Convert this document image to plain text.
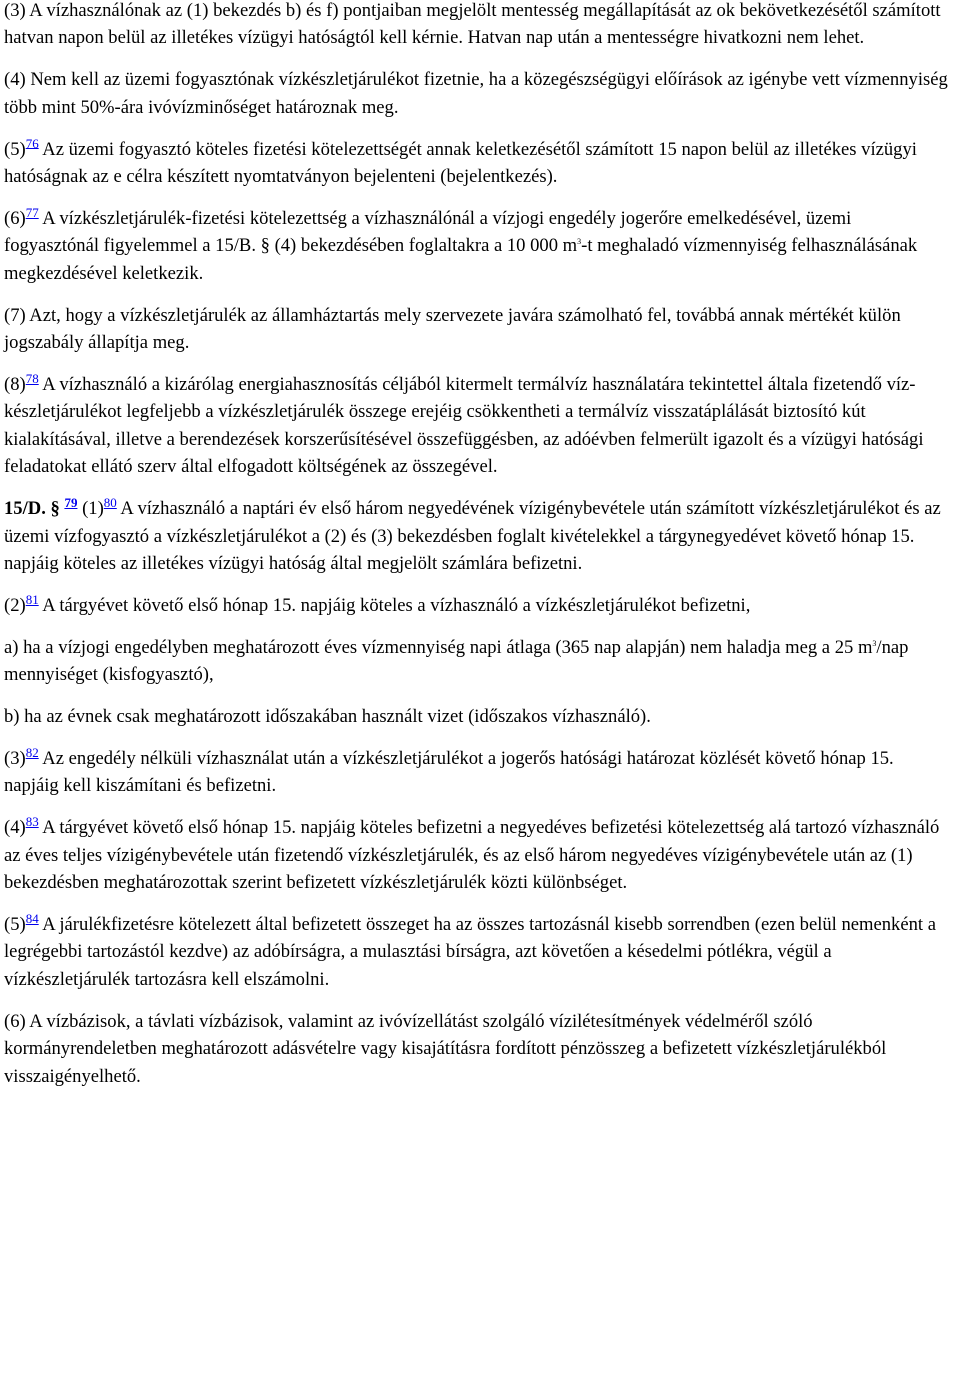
(3) A vízhasználónak az (1) bekezdés b) és f) pontjaiban megjelölt mentesség megállapítását az ok bekövetkezésétől számított hatvan napon belül az illetékes vízügyi hatóságtól kell kérnie. Hatvan nap után a mentességre hivatkozni nem lehet.

(4) Nem kell az üzemi fogyasztónak vízkészletjárulékot fizetnie, ha a közegészségügyi előírások az igénybe vett vízmennyiség több mint 50%-ára ivóvízminőséget határoznak meg.

(5)$^{76}$ Az üzemi fogyasztó köteles fizetési kötelezettségét annak keletkezésétől számított 15 napon belül az illetékes vízügyi hatóságnak az e célra készített nyomtatványon bejelenteni (bejelentkezés).

(6)$^{77}$ A vízkészletjárulék-fizetési kötelezettség a vízhasználónál a vízjogi engedély jogerőre emelkedésével, üzemi fogyasztónál figyelemmel a 15/B. § (4) bekezdésében foglaltakra a 10 000 $m^3-t$ meghaladó vízmennyiség felhasználásának megkezdésével keletkezik.

(7) Azt, hogy a vízkészletjárulék az államháztartás mely szervezete javára számolható fel, továbbá annak mértékét külön jogszabály állapítja meg.

(8)$^{78}$ A vízhasználó a kizárólag energiahasznosítás céljából kitermelt termálvíz használatára tekintettel általa fizetendő víz-készletjárulékot legfeljebb a vízkészletjárulék összege erejéig csökkentheti a termálvíz visszatáplálását biztosító kút kialakításával, illetve a berendezések korszerűsítésével összefüggésben, az adóévben felmerült igazolt és a vízügyi hatósági feladatokat ellátó szerv által elfogadott költségének az összegével.

15/D. § $^{79}$ (1)$^{80}$ A vízhasználó a naptári év első három negyedévének vízigénybevétele után számított vízkészletjárulékot és az üzemi vízfogyasztó a vízkészletjárulékot a (2) és (3) bekezdésben foglalt kivételekkel a tárgynegyedévet követő hónap 15. napjáig köteles az illetékes vízügyi hatóság által megjelölt számlára befizetni.

(2)$^{81}$ A tárgyévet követő első hónap 15. napjáig köteles a vízhasználó a vízkészletjárulékot befizetni,

a) ha a vízjogi engedélyben meghatározott éves vízmennyiség napi átlaga (365 nap alapján) nem haladja meg a 25 $m^3$/nap mennyiséget (kisfogyasztó),

b) ha az évnek csak meghatározott időszakában használt vizet (időszakos vízhasználó).

(3)$^{82}$ Az engedély nélküli vízhasználat után a vízkészletjárulékot a jogerős hatósági határozat közlését követő hónap 15. napjáig kell kiszámítani és befizetni.

(4)$^{83}$ A tárgyévet követő első hónap 15. napjáig köteles befizetni a negyedéves befizetési kötelezettség alá tartozó vízhasználó az éves teljes vízigénybevétele után fizetendő vízkészletjárulék, és az első három negyedéves vízigénybevétele után az (1) bekezdésben meghatározottak szerint befizetett vízkészletjárulék közti különbséget.

(5)$^{84}$ A járulékfizetésre kötelezett által befizetett összeget ha az összes tartozásnál kisebb sorrendben (ezen belül nemenként a legrégebbi tartozástól kezdve) az adóbírságra, a mulasztási bírságra, azt követően a késedelmi pótlékra, végül a vízkészletjárulék tartozásra kell elszámolni.

(6) A vízbázisok, a távlati vízbázisok, valamint az ivóvízellátást szolgáló vízilétesítmények védelméről szóló kormányrendeletben meghatározott adásvételre vagy kisajátításra fordított pénzösszeg a befizetett vízkészletjárulékból visszaigényelhető.
